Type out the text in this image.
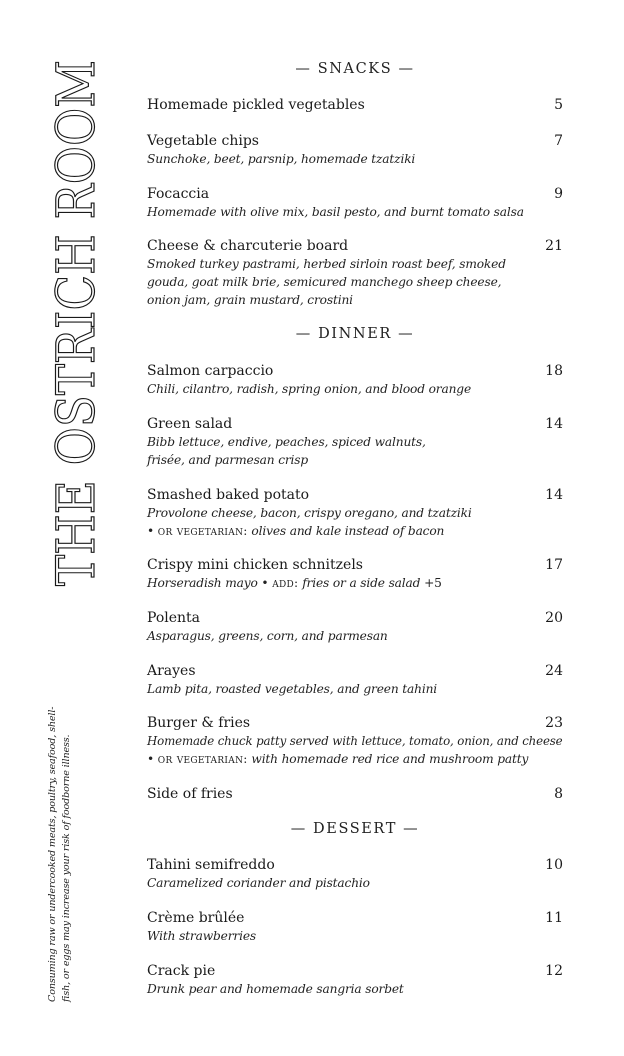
THE OSTRICH ROOM
Consuming raw or undercooked meats, poultry, seafood, shell-fish, or eggs may increase your risk of foodborne illness.
— SNACKS —
Homemade pickled vegetables	5
Vegetable chips	7
Sunchoke, beet, parsnip, homemade tzatziki
Focaccia	9
Homemade with olive mix, basil pesto, and burnt tomato salsa
Cheese & charcuterie board	21
Smoked turkey pastrami, herbed sirloin roast beef, smoked gouda, goat milk brie, semicured manchego sheep cheese, onion jam, grain mustard, crostini
— DINNER —
Salmon carpaccio	18
Chili, cilantro, radish, spring onion, and blood orange
Green salad	14
Bibb lettuce, endive, peaches, spiced walnuts, frisée, and parmesan crisp
Smashed baked potato	14
Provolone cheese, bacon, crispy oregano, and tzatziki
• or vegetarian: olives and kale instead of bacon
Crispy mini chicken schnitzels	17
Horseradish mayo • add: fries or a side salad +5
Polenta	20
Asparagus, greens, corn, and parmesan
Arayes	24
Lamb pita, roasted vegetables, and green tahini
Burger & fries	23
Homemade chuck patty served with lettuce, tomato, onion, and cheese
• or vegetarian: with homemade red rice and mushroom patty
Side of fries	8
— DESSERT —
Tahini semifreddo	10
Caramelized coriander and pistachio
Crème brûlée	11
With strawberries
Crack pie	12
Drunk pear and homemade sangria sorbet
